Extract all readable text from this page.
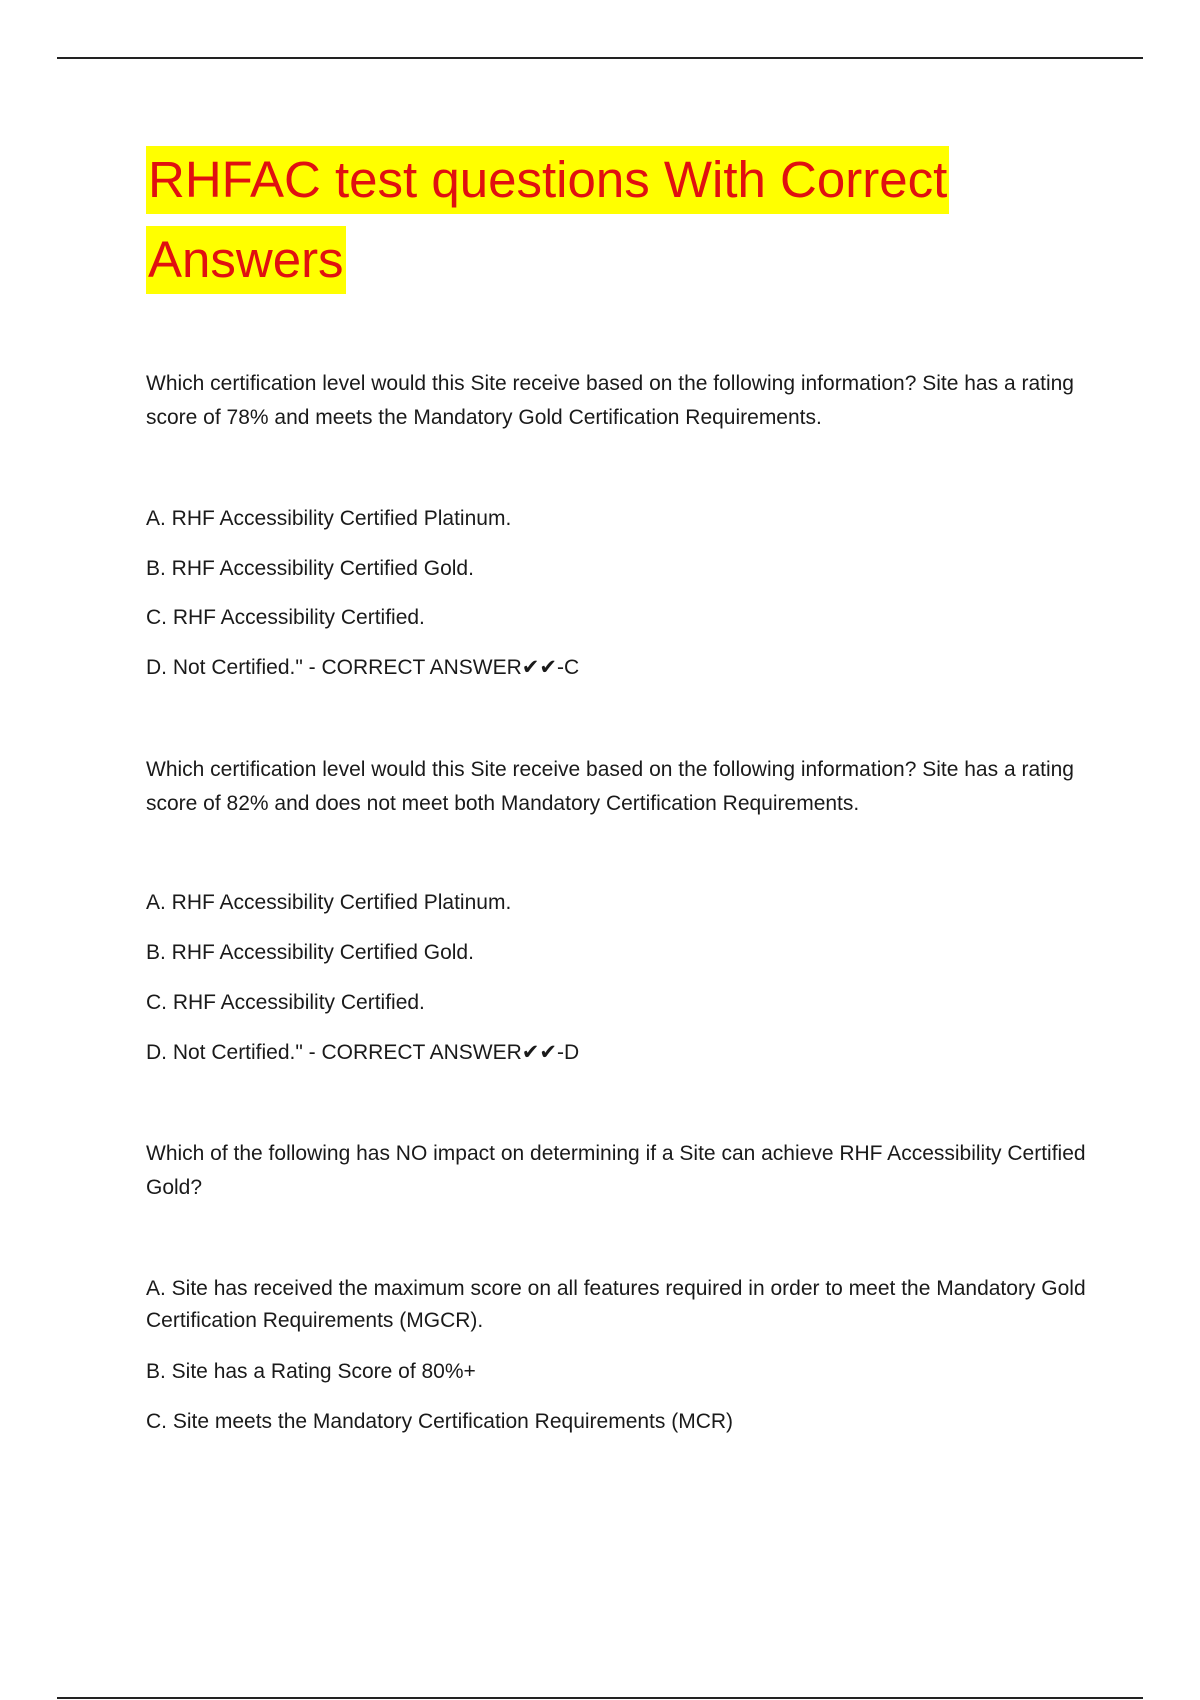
RHFAC test questions With Correct
Answers

Which certification level would this Site receive based on the following information? Site has a rating score of 78% and meets the Mandatory Gold Certification Requirements.

A. RHF Accessibility Certified Platinum.

B. RHF Accessibility Certified Gold.

C. RHF Accessibility Certified.

D. Not Certified." - CORRECT ANSWER✔✔-C

Which certification level would this Site receive based on the following information? Site has a rating score of 82% and does not meet both Mandatory Certification Requirements.

A. RHF Accessibility Certified Platinum.

B. RHF Accessibility Certified Gold.

C. RHF Accessibility Certified.

D. Not Certified." - CORRECT ANSWER✔✔-D

Which of the following has NO impact on determining if a Site can achieve RHF Accessibility Certified Gold?

A. Site has received the maximum score on all features required in order to meet the Mandatory Gold Certification Requirements (MGCR).

B. Site has a Rating Score of 80%+

C. Site meets the Mandatory Certification Requirements (MCR)
